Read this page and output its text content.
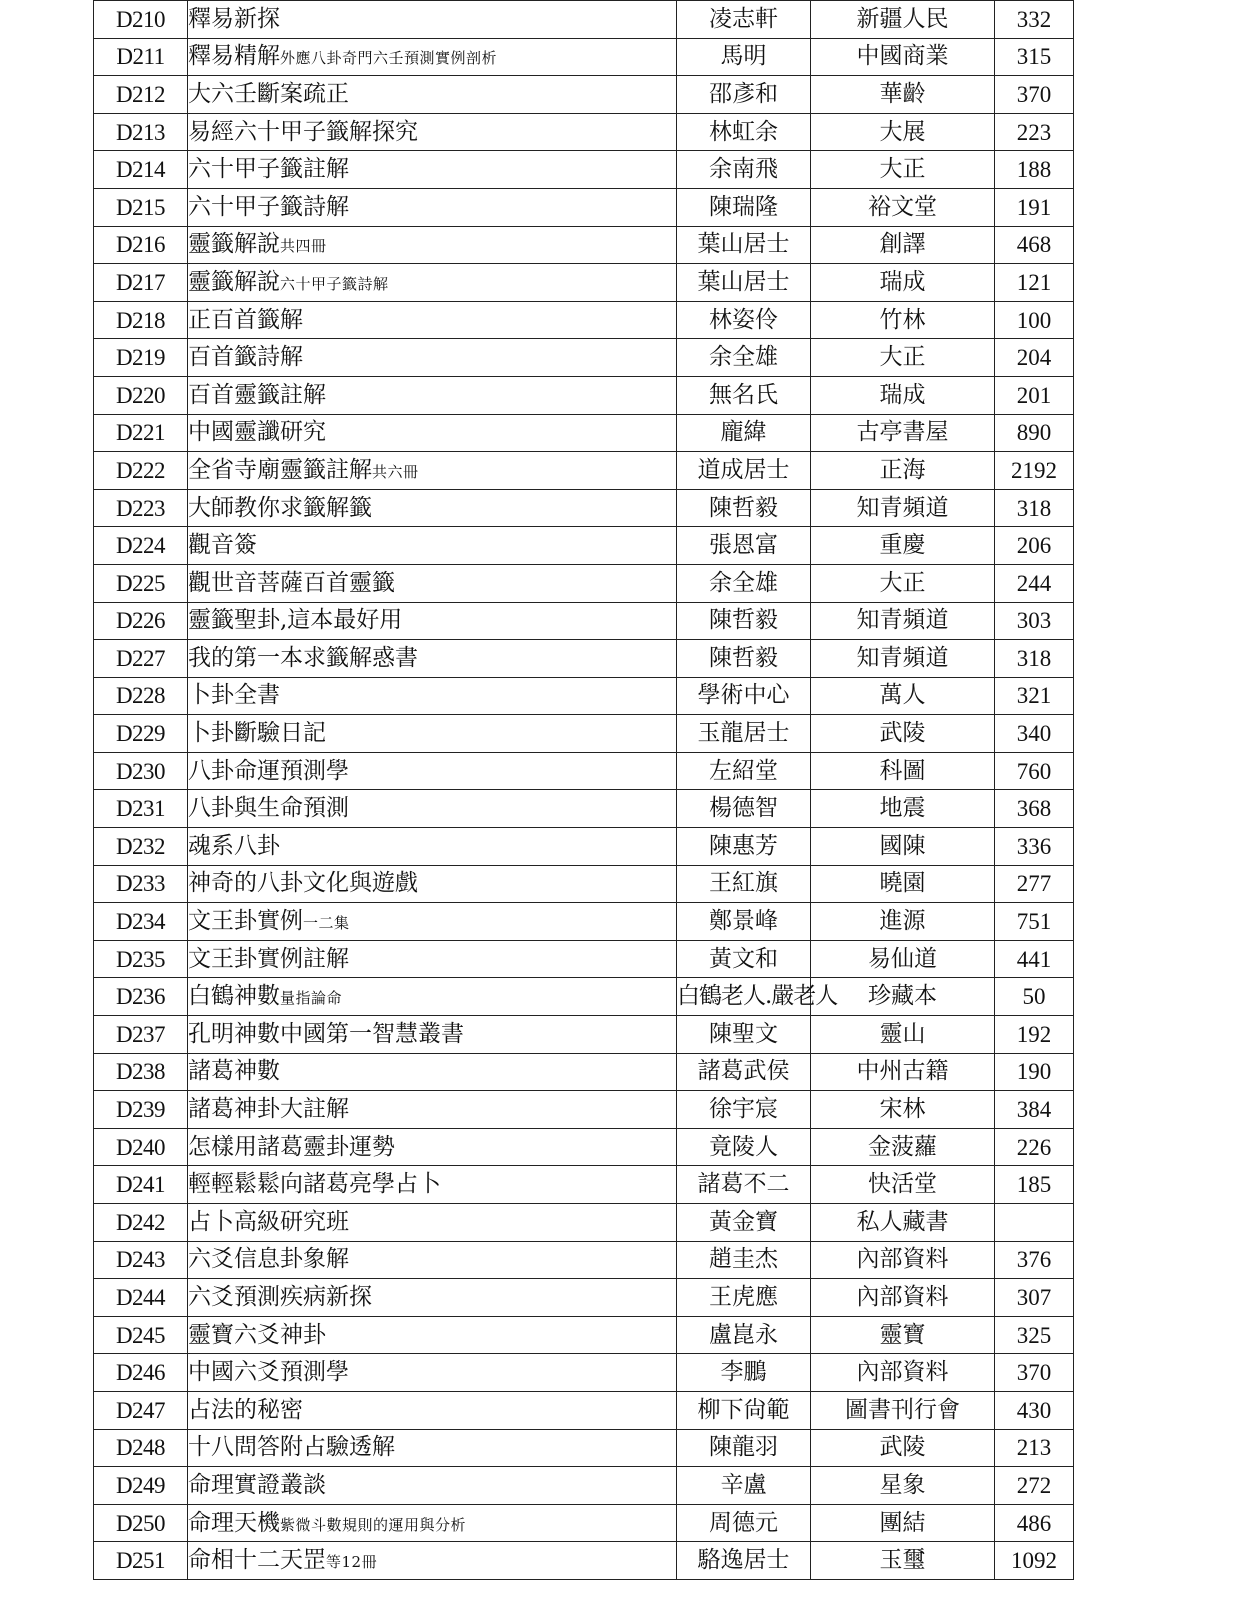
D210	釋易新探	凌志軒	新疆人民	332
D211	釋易精解外應八卦奇門六壬預測實例剖析	馬明	中國商業	315
D212	大六壬斷案疏正	邵彥和	華齡	370
D213	易經六十甲子籤解探究	林虹余	大展	223
D214	六十甲子籤註解	余南飛	大正	188
D215	六十甲子籤詩解	陳瑞隆	裕文堂	191
D216	靈籤解說共四冊	葉山居士	創譯	468
D217	靈籤解說六十甲子籤詩解	葉山居士	瑞成	121
D218	正百首籤解	林姿伶	竹林	100
D219	百首籤詩解	余全雄	大正	204
D220	百首靈籤註解	無名氏	瑞成	201
D221	中國靈讖研究	龐緯	古亭書屋	890
D222	全省寺廟靈籤註解共六冊	道成居士	正海	2192
D223	大師教你求籤解籤	陳哲毅	知青頻道	318
D224	觀音簽	張恩富	重慶	206
D225	觀世音菩薩百首靈籤	余全雄	大正	244
D226	靈籤聖卦,這本最好用	陳哲毅	知青頻道	303
D227	我的第一本求籤解惑書	陳哲毅	知青頻道	318
D228	卜卦全書	學術中心	萬人	321
D229	卜卦斷驗日記	玉龍居士	武陵	340
D230	八卦命運預測學	左紹堂	科圖	760
D231	八卦與生命預測	楊德智	地震	368
D232	魂系八卦	陳惠芳	國陳	336
D233	神奇的八卦文化與遊戲	王紅旗	曉園	277
D234	文王卦實例一二集	鄭景峰	進源	751
D235	文王卦實例註解	黃文和	易仙道	441
D236	白鶴神數量指論命	白鶴老人.嚴老人	珍藏本	50
D237	孔明神數中國第一智慧叢書	陳聖文	靈山	192
D238	諸葛神數	諸葛武侯	中州古籍	190
D239	諸葛神卦大註解	徐宇宸	宋林	384
D240	怎樣用諸葛靈卦運勢	竟陵人	金菠蘿	226
D241	輕輕鬆鬆向諸葛亮學占卜	諸葛不二	快活堂	185
D242	占卜高級研究班	黃金寶	私人藏書	
D243	六爻信息卦象解	趙圭杰	內部資料	376
D244	六爻預測疾病新探	王虎應	內部資料	307
D245	靈寶六爻神卦	盧崑永	靈寶	325
D246	中國六爻預測學	李鵬	內部資料	370
D247	占法的秘密	柳下尙範	圖書刊行會	430
D248	十八問答附占驗透解	陳龍羽	武陵	213
D249	命理實證叢談	辛盧	星象	272
D250	命理天機紫微斗數規則的運用與分析	周德元	團結	486
D251	命相十二天罡等12冊	駱逸居士	玉璽	1092
